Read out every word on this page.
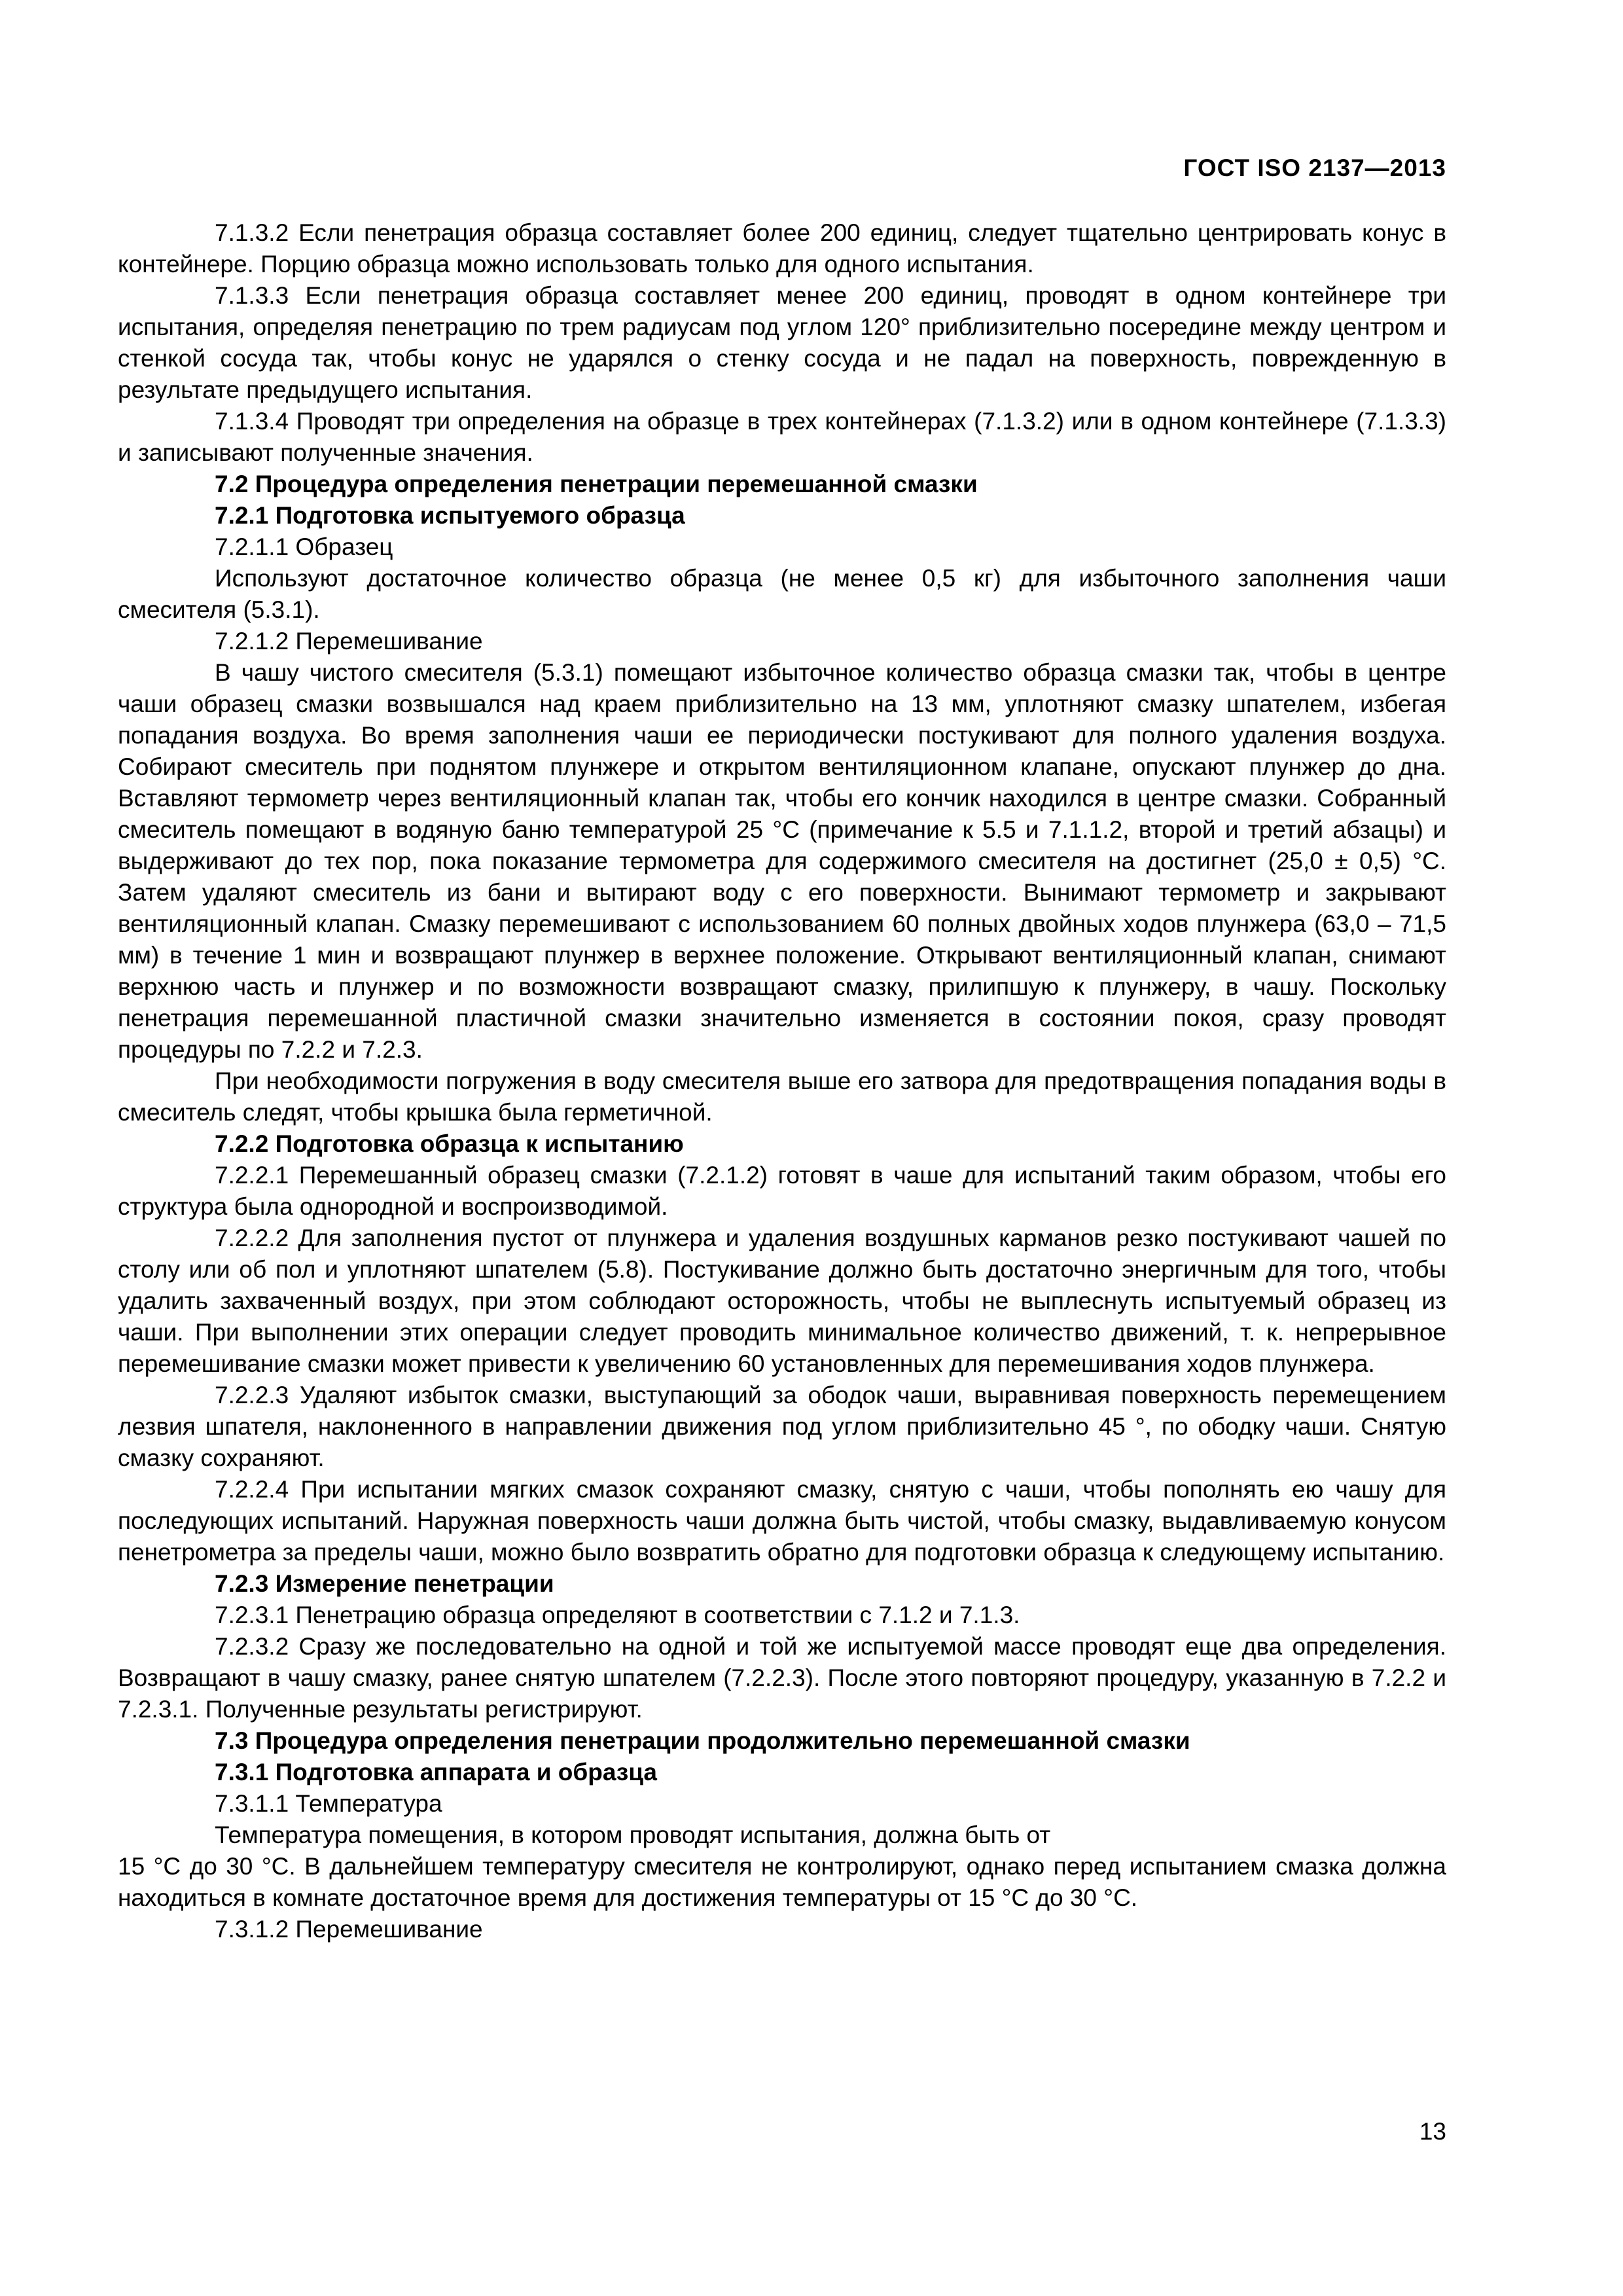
ГОСТ ISO 2137—2013

7.1.3.2 Если пенетрация образца составляет более 200 единиц, следует тщательно центрировать конус в контейнере. Порцию образца можно использовать только для одного испытания.

7.1.3.3 Если пенетрация образца составляет менее 200 единиц, проводят в одном контейнере три испытания, определяя пенетрацию по трем радиусам под углом 120° приблизительно посередине между центром и стенкой сосуда так, чтобы конус не ударялся о стенку сосуда и не падал на поверхность, поврежденную в результате предыдущего испытания.

7.1.3.4 Проводят три определения на образце в трех контейнерах (7.1.3.2) или в одном контейнере (7.1.3.3) и записывают полученные значения.

7.2 Процедура определения пенетрации перемешанной смазки

7.2.1 Подготовка испытуемого образца

7.2.1.1 Образец

Используют достаточное количество образца (не менее 0,5 кг) для избыточного заполнения чаши смесителя (5.3.1).

7.2.1.2 Перемешивание

В чашу чистого смесителя (5.3.1) помещают избыточное количество образца смазки так, чтобы в центре чаши образец смазки возвышался над краем приблизительно на 13 мм, уплотняют смазку шпателем, избегая попадания воздуха. Во время заполнения чаши ее периодически постукивают для полного удаления воздуха. Собирают смеситель при поднятом плунжере и открытом вентиляционном клапане, опускают плунжер до дна. Вставляют термометр через вентиляционный клапан так, чтобы его кончик находился в центре смазки. Собранный смеситель помещают в водяную баню температурой 25 °С (примечание к 5.5 и 7.1.1.2, второй и третий абзацы) и выдерживают до тех пор, пока показание термометра для содержимого смесителя на достигнет (25,0 ± 0,5) °С. Затем удаляют смеситель из бани и вытирают воду с его поверхности. Вынимают термометр и закрывают вентиляционный клапан. Смазку перемешивают с использованием 60 полных двойных ходов плунжера (63,0 – 71,5 мм) в течение 1 мин и возвращают плунжер в верхнее положение. Открывают вентиляционный клапан, снимают верхнюю часть и плунжер и по возможности возвращают смазку, прилипшую к плунжеру, в чашу. Поскольку пенетрация перемешанной пластичной смазки значительно изменяется в состоянии покоя, сразу проводят процедуры по 7.2.2 и 7.2.3.

При необходимости погружения в воду смесителя выше его затвора для предотвращения попадания воды в смеситель следят, чтобы крышка была герметичной.

7.2.2 Подготовка образца к испытанию

7.2.2.1 Перемешанный образец смазки (7.2.1.2) готовят в чаше для испытаний таким образом, чтобы его структура была однородной и воспроизводимой.

7.2.2.2 Для заполнения пустот от плунжера и удаления воздушных карманов резко постукивают чашей по столу или об пол и уплотняют шпателем (5.8). Постукивание должно быть достаточно энергичным для того, чтобы удалить захваченный воздух, при этом соблюдают осторожность, чтобы не выплеснуть испытуемый образец из чаши. При выполнении этих операции следует проводить минимальное количество движений, т. к. непрерывное перемешивание смазки может привести к увеличению 60 установленных для перемешивания ходов плунжера.

7.2.2.3 Удаляют избыток смазки, выступающий за ободок чаши, выравнивая поверхность перемещением лезвия шпателя, наклоненного в направлении движения под углом приблизительно 45 °, по ободку чаши. Снятую смазку сохраняют.

7.2.2.4 При испытании мягких смазок сохраняют смазку, снятую с чаши, чтобы пополнять ею чашу для последующих испытаний. Наружная поверхность чаши должна быть чистой, чтобы смазку, выдавливаемую конусом пенетрометра за пределы чаши, можно было возвратить обратно для подготовки образца к следующему испытанию.

7.2.3 Измерение пенетрации

7.2.3.1 Пенетрацию образца определяют в соответствии с 7.1.2 и 7.1.3.

7.2.3.2 Сразу же последовательно на одной и той же испытуемой массе проводят еще два определения. Возвращают в чашу смазку, ранее снятую шпателем (7.2.2.3). После этого повторяют процедуру, указанную в 7.2.2 и 7.2.3.1. Полученные результаты регистрируют.

7.3 Процедура определения пенетрации продолжительно перемешанной смазки

7.3.1 Подготовка аппарата и образца

7.3.1.1 Температура

Температура помещения, в котором проводят испытания, должна быть от

15 °С до 30 °С. В дальнейшем температуру смесителя не контролируют, однако перед испытанием смазка должна находиться в комнате достаточное время для достижения температуры от 15 °С до 30 °С.

7.3.1.2 Перемешивание

13
